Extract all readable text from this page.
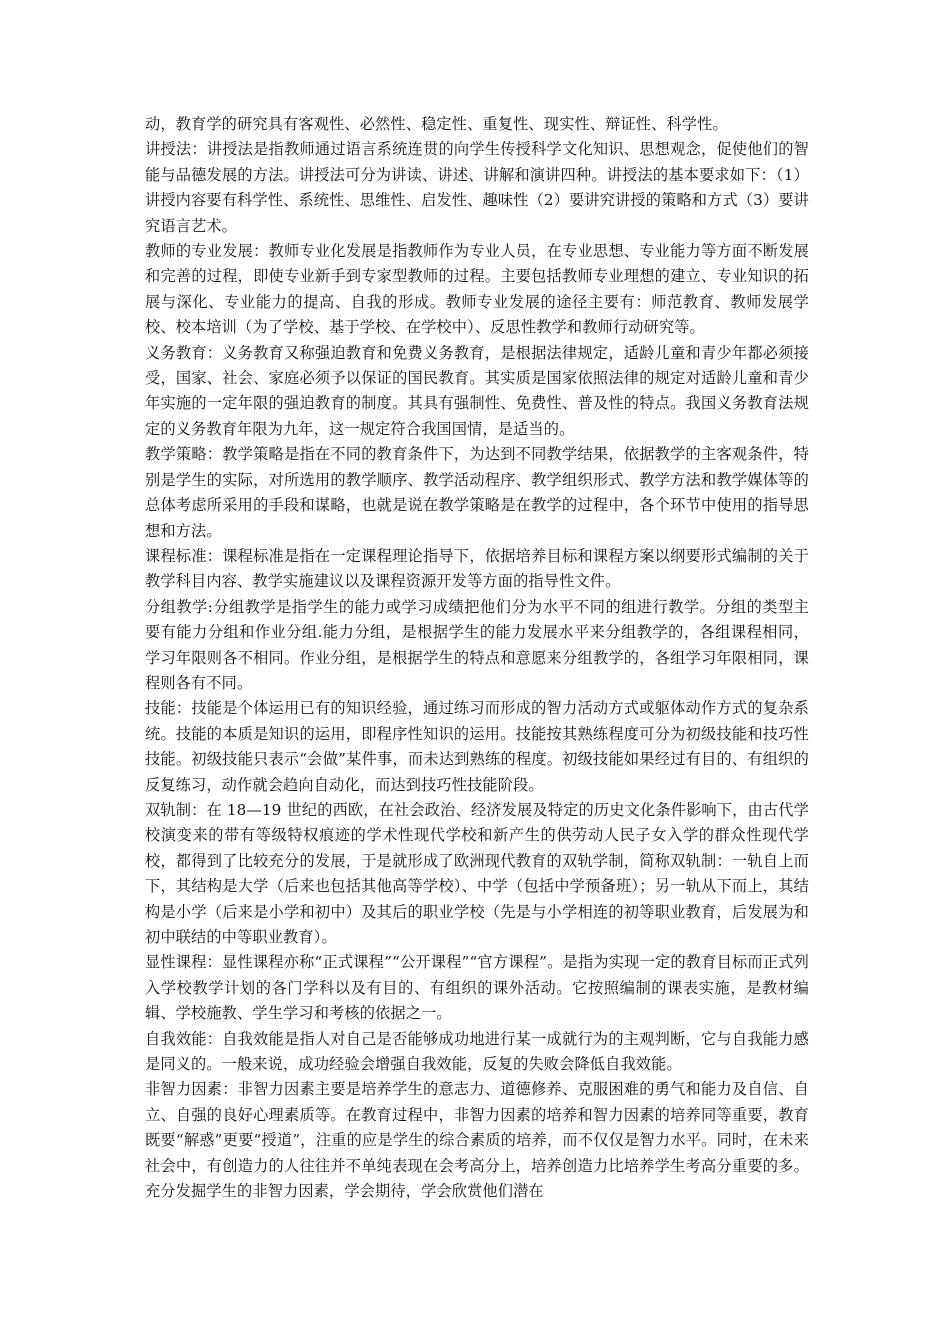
动，教育学的研究具有客观性、必然性、稳定性、重复性、现实性、辩证性、科学性。

讲授法：讲授法是指教师通过语言系统连贯的向学生传授科学文化知识、思想观念，促使他们的智能与品德发展的方法。讲授法可分为讲读、讲述、讲解和演讲四种。讲授法的基本要求如下：（1）讲授内容要有科学性、系统性、思维性、启发性、趣味性（2）要讲究讲授的策略和方式（3）要讲究语言艺术。

教师的专业发展：教师专业化发展是指教师作为专业人员，在专业思想、专业能力等方面不断发展和完善的过程，即使专业新手到专家型教师的过程。主要包括教师专业理想的建立、专业知识的拓展与深化、专业能力的提高、自我的形成。教师专业发展的途径主要有：师范教育、教师发展学校、校本培训（为了学校、基于学校、在学校中）、反思性教学和教师行动研究等。

义务教育：义务教育又称强迫教育和免费义务教育，是根据法律规定，适龄儿童和青少年都必须接受，国家、社会、家庭必须予以保证的国民教育。其实质是国家依照法律的规定对适龄儿童和青少年实施的一定年限的强迫教育的制度。其具有强制性、免费性、普及性的特点。我国义务教育法规定的义务教育年限为九年，这一规定符合我国国情，是适当的。

教学策略：教学策略是指在不同的教育条件下，为达到不同教学结果，依据教学的主客观条件，特别是学生的实际，对所选用的教学顺序、教学活动程序、教学组织形式、教学方法和教学媒体等的总体考虑所采用的手段和谋略，也就是说在教学策略是在教学的过程中，各个环节中使用的指导思想和方法。

课程标准：课程标准是指在一定课程理论指导下，依据培养目标和课程方案以纲要形式编制的关于教学科目内容、教学实施建议以及课程资源开发等方面的指导性文件。

分组教学:分组教学是指学生的能力或学习成绩把他们分为水平不同的组进行教学。分组的类型主要有能力分组和作业分组.能力分组，是根据学生的能力发展水平来分组教学的，各组课程相同，学习年限则各不相同。作业分组，是根据学生的特点和意愿来分组教学的，各组学习年限相同，课程则各有不同。

技能：技能是个体运用已有的知识经验，通过练习而形成的智力活动方式或躯体动作方式的复杂系统。技能的本质是知识的运用，即程序性知识的运用。技能按其熟练程度可分为初级技能和技巧性技能。初级技能只表示“会做”某件事，而未达到熟练的程度。初级技能如果经过有目的、有组织的反复练习，动作就会趋向自动化，而达到技巧性技能阶段。

双轨制：在 18—19 世纪的西欧，在社会政治、经济发展及特定的历史文化条件影响下，由古代学校演变来的带有等级特权痕迹的学术性现代学校和新产生的供劳动人民子女入学的群众性现代学校，都得到了比较充分的发展，于是就形成了欧洲现代教育的双轨学制，简称双轨制：一轨自上而下，其结构是大学（后来也包括其他高等学校）、中学（包括中学预备班）；另一轨从下而上，其结构是小学（后来是小学和初中）及其后的职业学校（先是与小学相连的初等职业教育，后发展为和初中联结的中等职业教育）。

显性课程：显性课程亦称“正式课程”“公开课程”“官方课程”。是指为实现一定的教育目标而正式列入学校教学计划的各门学科以及有目的、有组织的课外活动。它按照编制的课表实施，是教材编辑、学校施教、学生学习和考核的依据之一。

自我效能：自我效能是指人对自己是否能够成功地进行某一成就行为的主观判断，它与自我能力感是同义的。一般来说，成功经验会增强自我效能，反复的失败会降低自我效能。

非智力因素：非智力因素主要是培养学生的意志力、道德修养、克服困难的勇气和能力及自信、自立、自强的良好心理素质等。在教育过程中，非智力因素的培养和智力因素的培养同等重要，教育既要“解惑”更要“授道”，注重的应是学生的综合素质的培养，而不仅仅是智力水平。同时，在未来社会中，有创造力的人往往并不单纯表现在会考高分上，培养创造力比培养学生考高分重要的多。充分发掘学生的非智力因素，学会期待，学会欣赏他们潜在
